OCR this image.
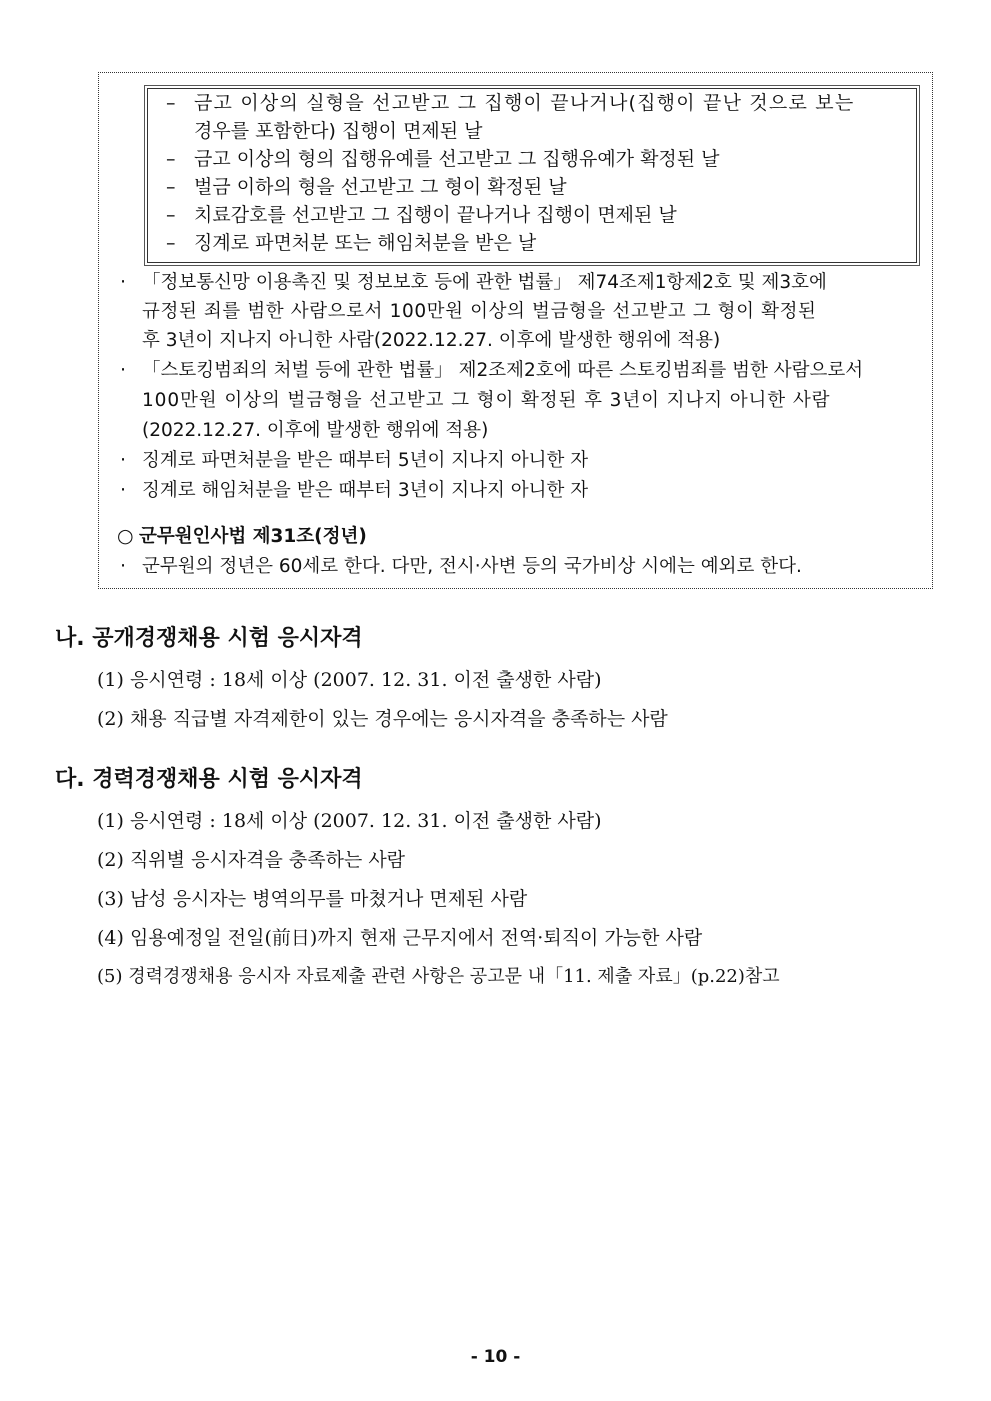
– 금고 이상의 실형을 선고받고 그 집행이 끝나거나(집행이 끝난 것으로 보는
경우를 포함한다) 집행이 면제된 날
– 금고 이상의 형의 집행유예를 선고받고 그 집행유예가 확정된 날
– 벌금 이하의 형을 선고받고 그 형이 확정된 날
– 치료감호를 선고받고 그 집행이 끝나거나 집행이 면제된 날
– 징계로 파면처분 또는 해임처분을 받은 날
· 「정보통신망 이용촉진 및 정보보호 등에 관한 법률」 제74조제1항제2호 및 제3호에
규정된 죄를 범한 사람으로서 100만원 이상의 벌금형을 선고받고 그 형이 확정된
후 3년이 지나지 아니한 사람(2022.12.27. 이후에 발생한 행위에 적용)
· 「스토킹범죄의 처벌 등에 관한 법률」 제2조제2호에 따른 스토킹범죄를 범한 사람으로서
100만원 이상의 벌금형을 선고받고 그 형이 확정된 후 3년이 지나지 아니한 사람
(2022.12.27. 이후에 발생한 행위에 적용)
· 징계로 파면처분을 받은 때부터 5년이 지나지 아니한 자
· 징계로 해임처분을 받은 때부터 3년이 지나지 아니한 자
○ 군무원인사법 제31조(정년)
· 군무원의 정년은 60세로 한다. 다만, 전시·사변 등의 국가비상 시에는 예외로 한다.
나. 공개경쟁채용 시험 응시자격
(1) 응시연령 : 18세 이상 (2007. 12. 31. 이전 출생한 사람)
(2) 채용 직급별 자격제한이 있는 경우에는 응시자격을 충족하는 사람
다. 경력경쟁채용 시험 응시자격
(1) 응시연령 : 18세 이상 (2007. 12. 31. 이전 출생한 사람)
(2) 직위별 응시자격을 충족하는 사람
(3) 남성 응시자는 병역의무를 마쳤거나 면제된 사람
(4) 임용예정일 전일(前日)까지 현재 근무지에서 전역·퇴직이 가능한 사람
(5) 경력경쟁채용 응시자 자료제출 관련 사항은 공고문 내「11. 제출 자료」(p.22)참고
- 10 -
